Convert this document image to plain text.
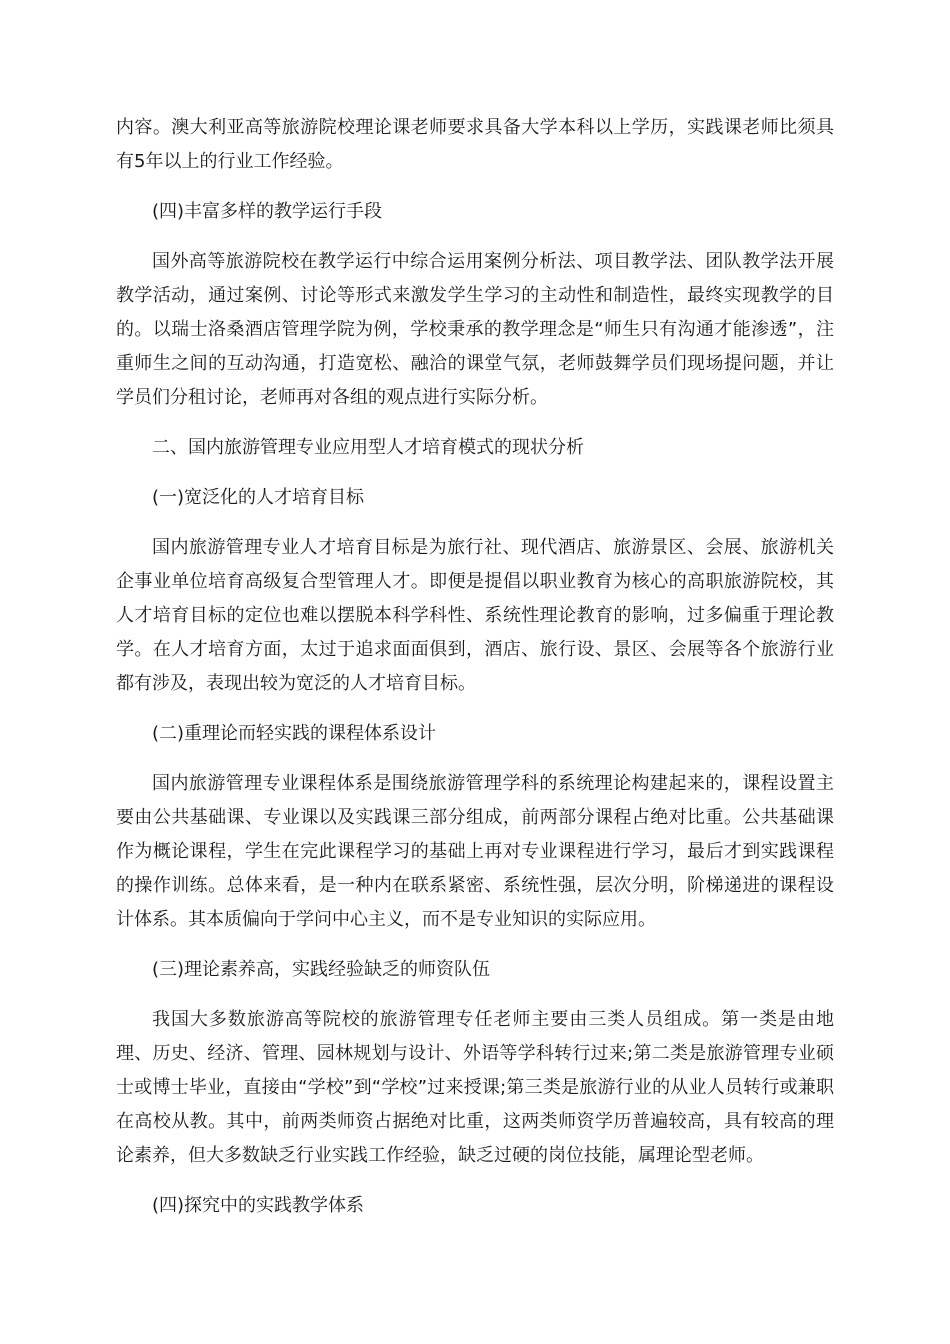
内容。澳大利亚高等旅游院校理论课老师要求具备大学本科以上学历，实践课老师比须具有5年以上的行业工作经验。

(四)丰富多样的教学运行手段

国外高等旅游院校在教学运行中综合运用案例分析法、项目教学法、团队教学法开展教学活动，通过案例、讨论等形式来激发学生学习的主动性和制造性，最终实现教学的目的。以瑞士洛桑酒店管理学院为例，学校秉承的教学理念是“师生只有沟通才能渗透”，注重师生之间的互动沟通，打造宽松、融洽的课堂气氛，老师鼓舞学员们现场提问题，并让学员们分租讨论，老师再对各组的观点进行实际分析。

二、国内旅游管理专业应用型人才培育模式的现状分析

(一)宽泛化的人才培育目标

国内旅游管理专业人才培育目标是为旅行社、现代酒店、旅游景区、会展、旅游机关企事业单位培育高级复合型管理人才。即便是提倡以职业教育为核心的高职旅游院校，其人才培育目标的定位也难以摆脱本科学科性、系统性理论教育的影响，过多偏重于理论教学。在人才培育方面，太过于追求面面俱到，酒店、旅行设、景区、会展等各个旅游行业都有涉及，表现出较为宽泛的人才培育目标。

(二)重理论而轻实践的课程体系设计

国内旅游管理专业课程体系是围绕旅游管理学科的系统理论构建起来的，课程设置主要由公共基础课、专业课以及实践课三部分组成，前两部分课程占绝对比重。公共基础课作为概论课程，学生在完此课程学习的基础上再对专业课程进行学习，最后才到实践课程的操作训练。总体来看，是一种内在联系紧密、系统性强，层次分明，阶梯递进的课程设计体系。其本质偏向于学问中心主义，而不是专业知识的实际应用。

(三)理论素养高，实践经验缺乏的师资队伍

我国大多数旅游高等院校的旅游管理专任老师主要由三类人员组成。第一类是由地理、历史、经济、管理、园林规划与设计、外语等学科转行过来;第二类是旅游管理专业硕士或博士毕业，直接由“学校”到“学校”过来授课;第三类是旅游行业的从业人员转行或兼职在高校从教。其中，前两类师资占据绝对比重，这两类师资学历普遍较高，具有较高的理论素养，但大多数缺乏行业实践工作经验，缺乏过硬的岗位技能，属理论型老师。

(四)探究中的实践教学体系
